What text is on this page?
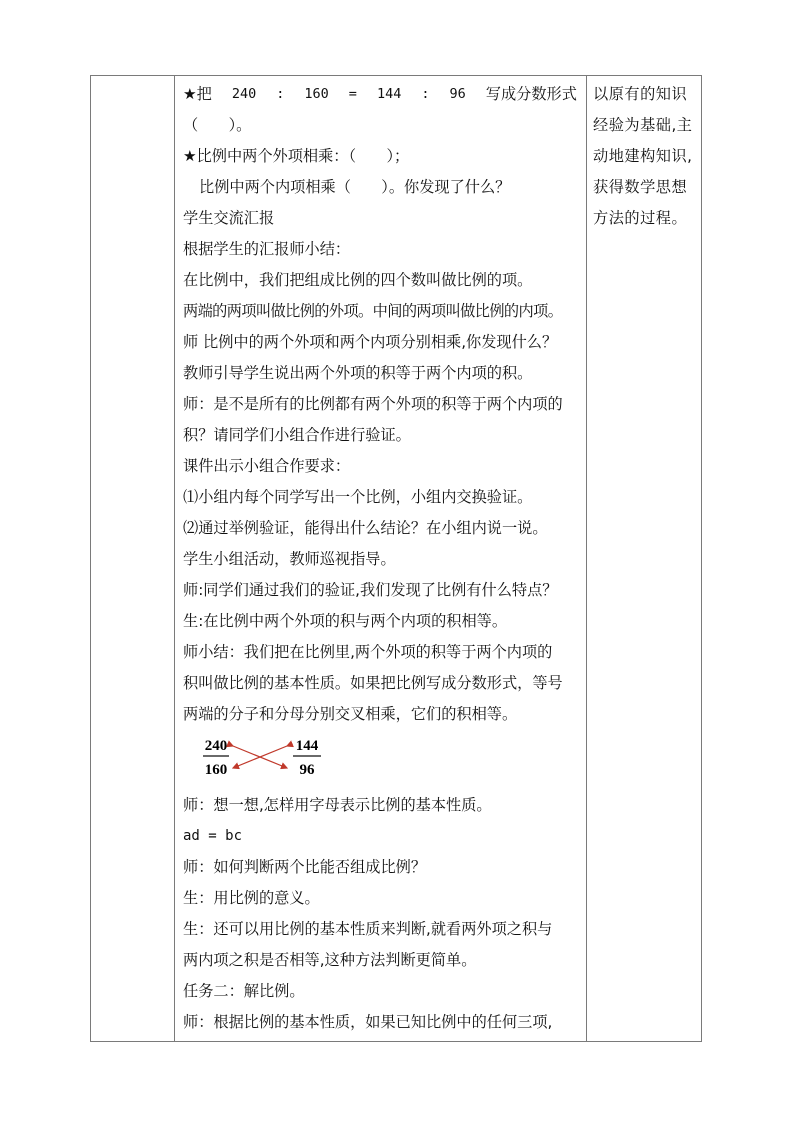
★把 240 : 160 = 144 : 96 写成分数形式
（　　）。
★比例中两个外项相乘：（　　）；
比例中两个内项相乘（　　）。你发现了什么？
学生交流汇报
根据学生的汇报师小结：
在比例中，我们把组成比例的四个数叫做比例的项。
两端的两项叫做比例的外项。中间的两项叫做比例的内项。
师 比例中的两个外项和两个内项分别相乘,你发现什么？
教师引导学生说出两个外项的积等于两个内项的积。
师：是不是所有的比例都有两个外项的积等于两个内项的
积？请同学们小组合作进行验证。
课件出示小组合作要求：
⑴小组内每个同学写出一个比例，小组内交换验证。
⑵通过举例验证，能得出什么结论？在小组内说一说。
学生小组活动，教师巡视指导。
师:同学们通过我们的验证,我们发现了比例有什么特点？
生:在比例中两个外项的积与两个内项的积相等。
师小结：我们把在比例里,两个外项的积等于两个内项的
积叫做比例的基本性质。如果把比例写成分数形式，等号
两端的分子和分母分别交叉相乘，它们的积相等。
240
160
144
96
师：想一想,怎样用字母表示比例的基本性质。
ad = bc
师：如何判断两个比能否组成比例？
生：用比例的意义。
生：还可以用比例的基本性质来判断,就看两外项之积与
两内项之积是否相等,这种方法判断更简单。
任务二：解比例。
师：根据比例的基本性质，如果已知比例中的任何三项,
以原有的知识
经验为基础,主
动地建构知识,
获得数学思想
方法的过程。
